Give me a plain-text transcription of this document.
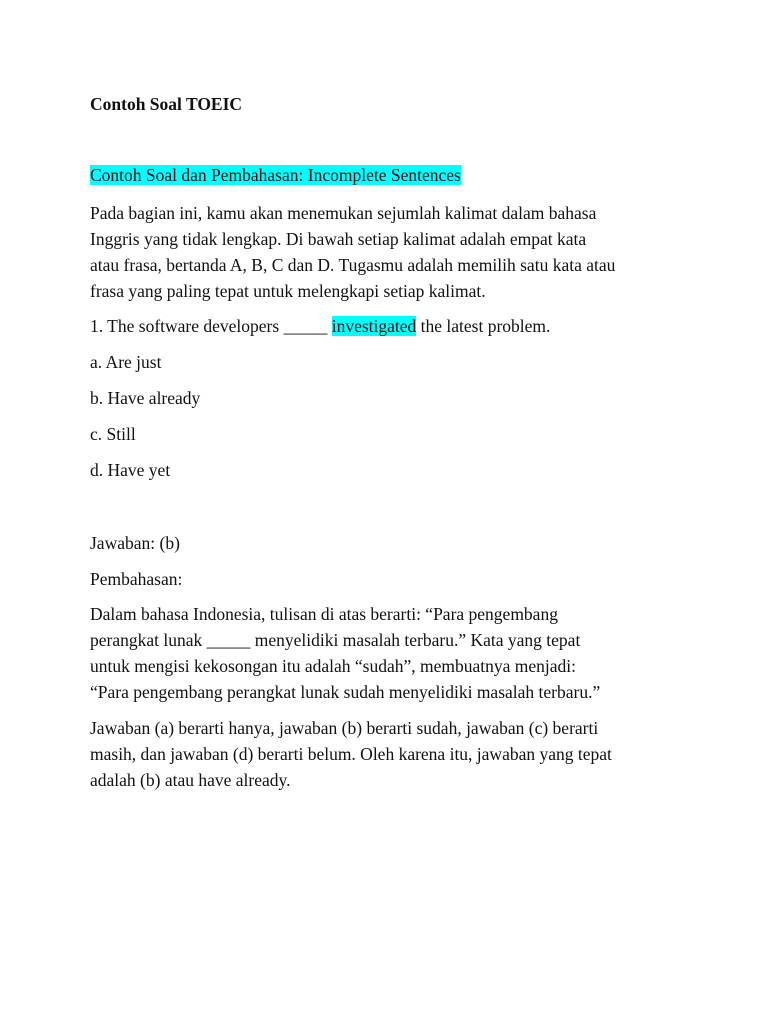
Contoh Soal TOEIC
Contoh Soal dan Pembahasan: Incomplete Sentences
Pada bagian ini, kamu akan menemukan sejumlah kalimat dalam bahasa
Inggris yang tidak lengkap. Di bawah setiap kalimat adalah empat kata
atau frasa, bertanda A, B, C dan D. Tugasmu adalah memilih satu kata atau
frasa yang paling tepat untuk melengkapi setiap kalimat.
1. The software developers _____ investigated the latest problem.
a. Are just
b. Have already
c. Still
d. Have yet
Jawaban: (b)
Pembahasan:
Dalam bahasa Indonesia, tulisan di atas berarti: “Para pengembang
perangkat lunak _____ menyelidiki masalah terbaru.” Kata yang tepat
untuk mengisi kekosongan itu adalah “sudah”, membuatnya menjadi:
“Para pengembang perangkat lunak sudah menyelidiki masalah terbaru.”
Jawaban (a) berarti hanya, jawaban (b) berarti sudah, jawaban (c) berarti
masih, dan jawaban (d) berarti belum. Oleh karena itu, jawaban yang tepat
adalah (b) atau have already.
